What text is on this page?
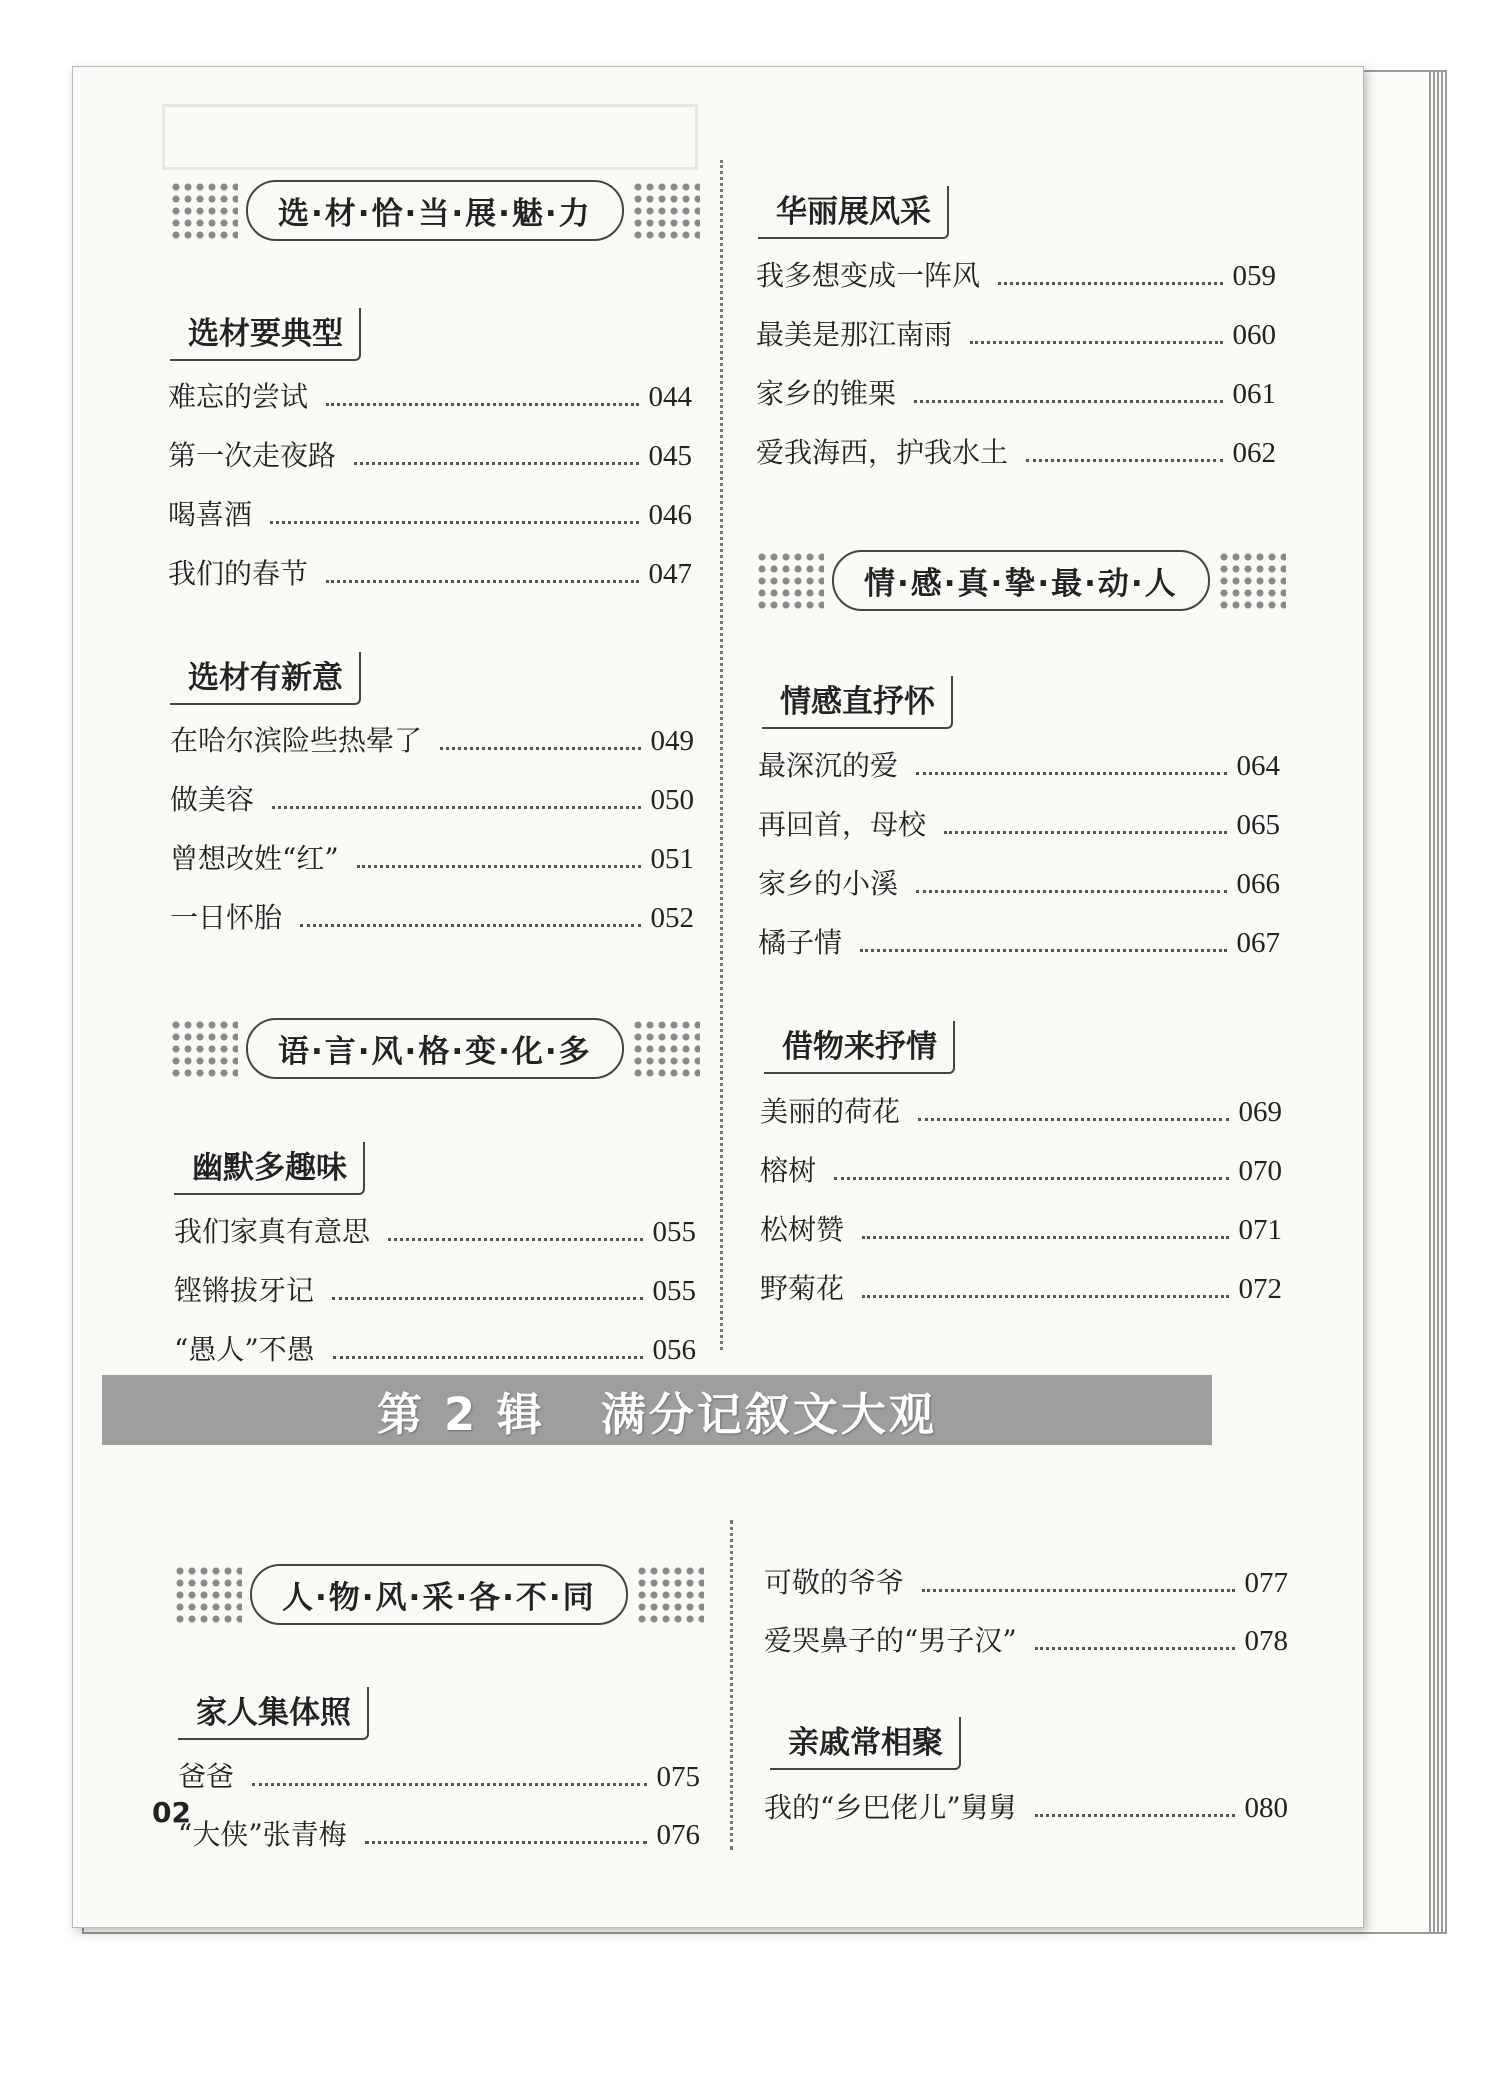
选·材·恰·当·展·魅·力
选材要典型
难忘的尝试	044
第一次走夜路	045
喝喜酒	046
我们的春节	047
选材有新意
在哈尔滨险些热晕了	049
做美容	050
曾想改姓“红”	051
一日怀胎	052
语·言·风·格·变·化·多
幽默多趣味
我们家真有意思	055
铿锵拔牙记	055
“愚人”不愚	056
华丽展风采
我多想变成一阵风	059
最美是那江南雨	060
家乡的锥栗	061
爱我海西，护我水土	062
情·感·真·挚·最·动·人
情感直抒怀
最深沉的爱	064
再回首，母校	065
家乡的小溪	066
橘子情	067
借物来抒情
美丽的荷花	069
榕树	070
松树赞	071
野菊花	072
第 2 辑   满分记叙文大观
人·物·风·采·各·不·同
家人集体照
爸爸	075
“大侠”张青梅	076
可敬的爷爷	077
爱哭鼻子的“男子汉”	078
亲戚常相聚
我的“乡巴佬儿”舅舅	080
02
